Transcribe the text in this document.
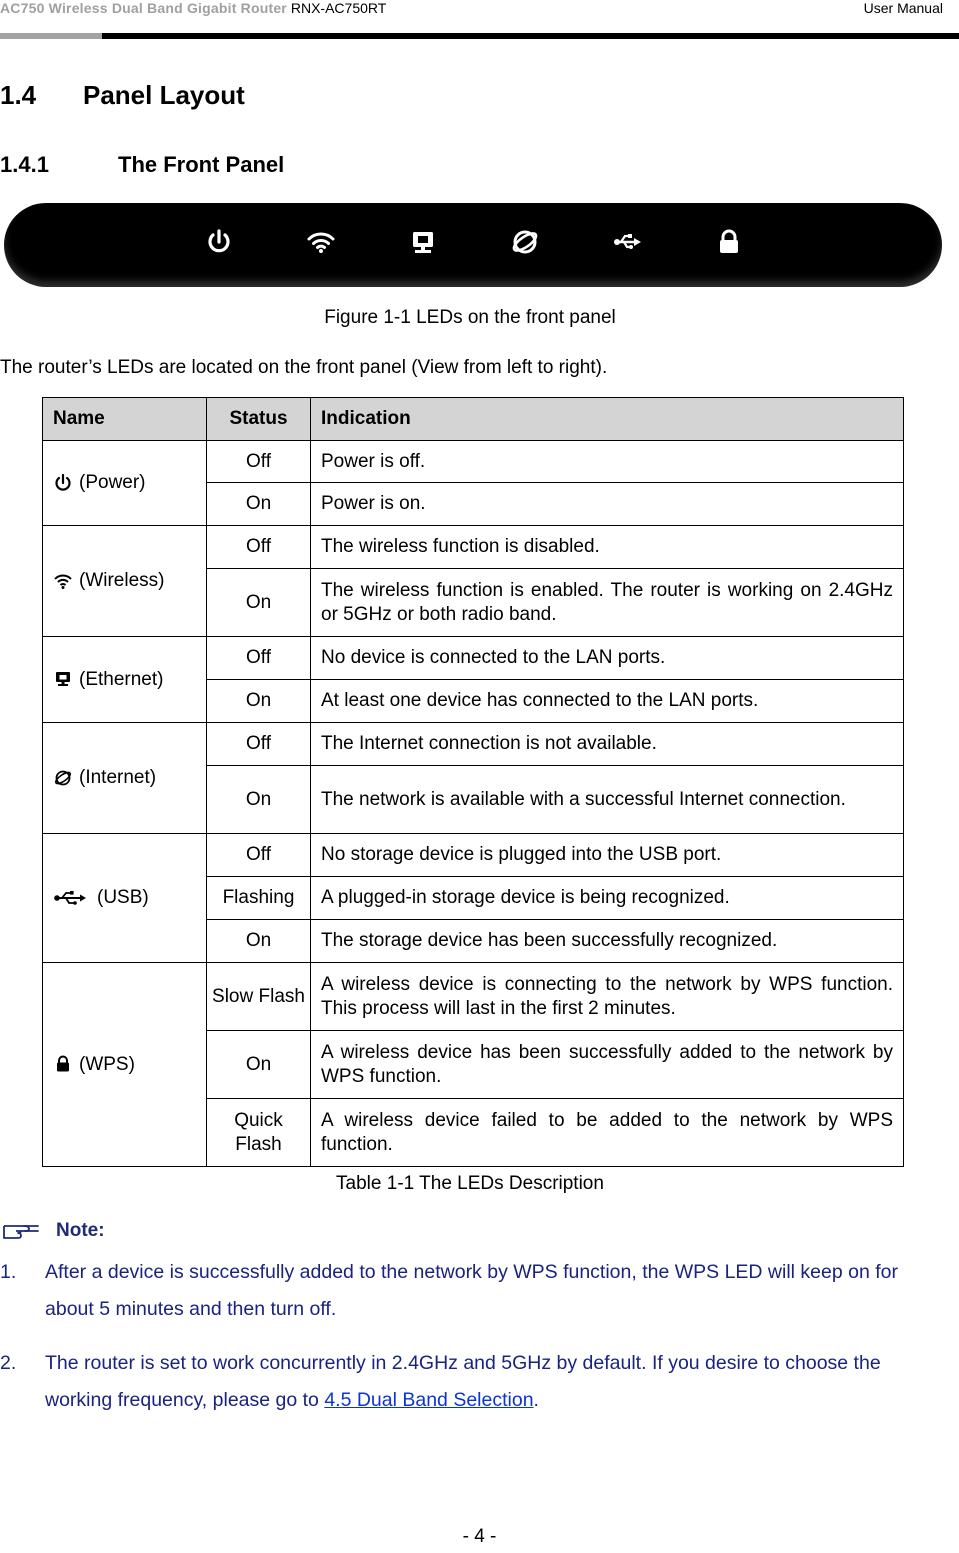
AC750 Wireless Dual Band Gigabit Router RNX-AC750RT	User Manual
1.4 Panel Layout
1.4.1	The Front Panel
Figure 1-1 LEDs on the front panel
The router’s LEDs are located on the front panel (View from left to right).
Name	Status	Indication
(Power)	Off	Power is off.
	On	Power is on.
(Wireless)	Off	The wireless function is disabled.
	On	The wireless function is enabled. The router is working on 2.4GHz or 5GHz or both radio band.
(Ethernet)	Off	No device is connected to the LAN ports.
	On	At least one device has connected to the LAN ports.
(Internet)	Off	The Internet connection is not available.
	On	The network is available with a successful Internet connection.
(USB)	Off	No storage device is plugged into the USB port.
	Flashing	A plugged-in storage device is being recognized.
	On	The storage device has been successfully recognized.
(WPS)	Slow Flash	A wireless device is connecting to the network by WPS function. This process will last in the first 2 minutes.
	On	A wireless device has been successfully added to the network by WPS function.
	Quick Flash	A wireless device failed to be added to the network by WPS function.
Table 1-1 The LEDs Description
Note:
1. After a device is successfully added to the network by WPS function, the WPS LED will keep on for about 5 minutes and then turn off.
2. The router is set to work concurrently in 2.4GHz and 5GHz by default. If you desire to choose the working frequency, please go to 4.5 Dual Band Selection.
- 4 -
